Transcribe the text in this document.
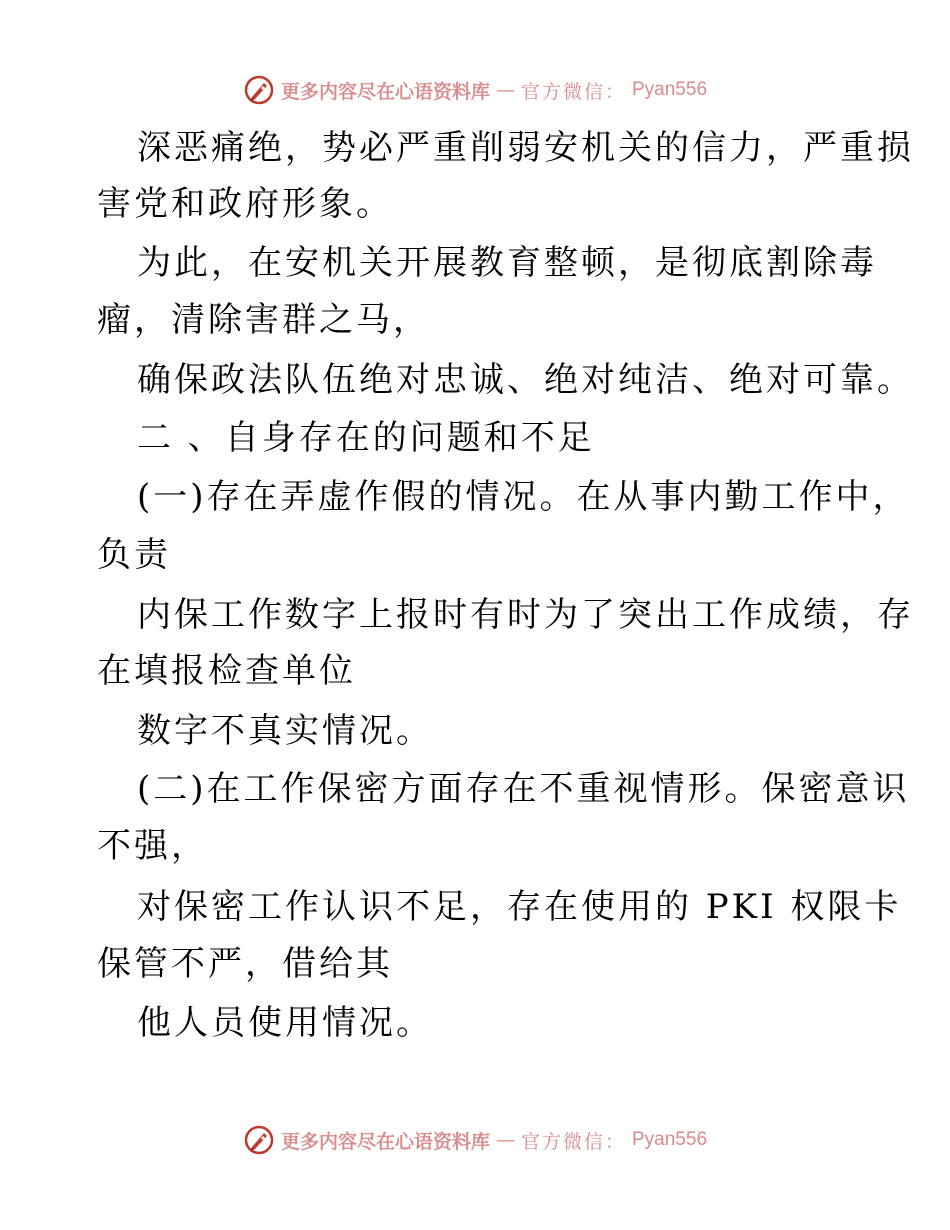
更多内容尽在心语资料库 — 官方微信： Pyan556
深恶痛绝，势必严重削弱安机关的信力，严重损
害党和政府形象。
为此，在安机关开展教育整顿，是彻底割除毒
瘤，清除害群之马，
确保政法队伍绝对忠诚、绝对纯洁、绝对可靠。
二 、自身存在的问题和不足
(一)存在弄虚作假的情况。在从事内勤工作中，
负责
内保工作数字上报时有时为了突出工作成绩，存
在填报检查单位
数字不真实情况。
(二)在工作保密方面存在不重视情形。保密意识
不强，
对保密工作认识不足，存在使用的 PKI 权限卡
保管不严，借给其
他人员使用情况。
更多内容尽在心语资料库 — 官方微信： Pyan556
